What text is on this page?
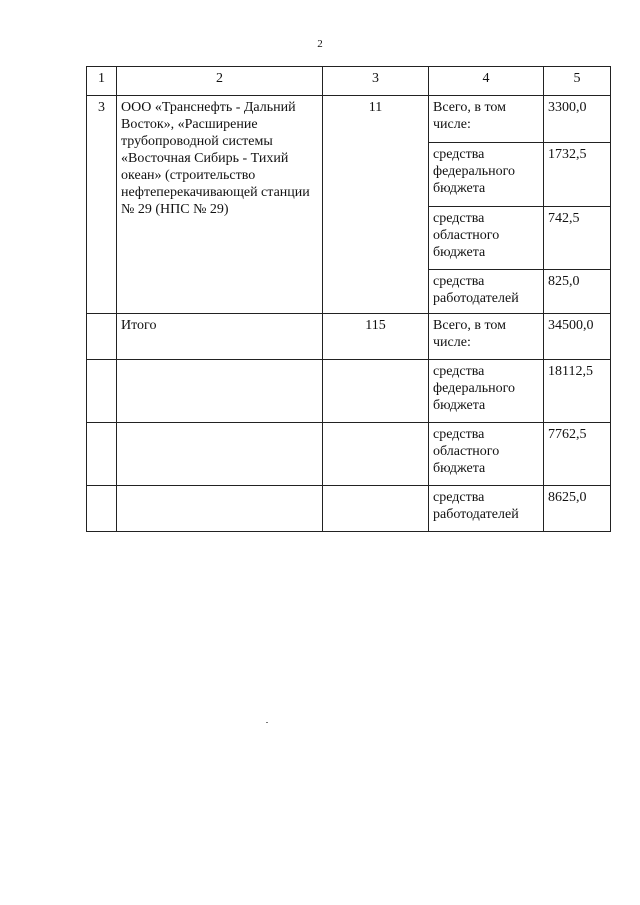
2
1	2	3	4	5
3	ООО «Транснефть - Дальний Восток», «Расширение трубопроводной системы «Восточная Сибирь - Тихий океан» (строительство нефтеперекачивающей станции № 29 (НПС № 29)	11	Всего, в том числе:	3300,0
			средства федерального бюджета	1732,5
			средства областного бюджета	742,5
			средства работодателей	825,0
	Итого	115	Всего, в том числе:	34500,0
			средства федерального бюджета	18112,5
			средства областного бюджета	7762,5
			средства работодателей	8625,0
